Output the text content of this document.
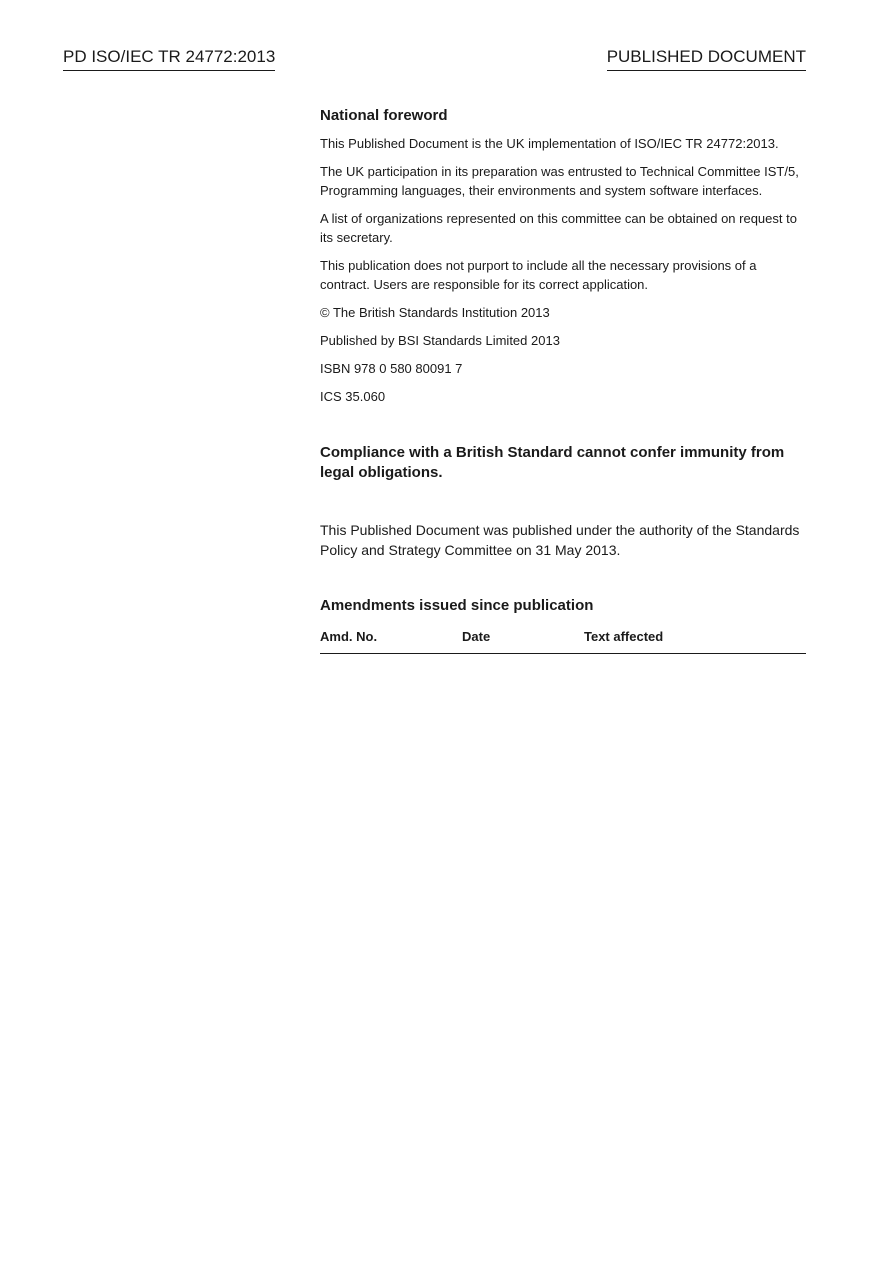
PD ISO/IEC TR 24772:2013	PUBLISHED DOCUMENT
National foreword

This Published Document is the UK implementation of ISO/IEC TR 24772:2013.

The UK participation in its preparation was entrusted to Technical Committee IST/5, Programming languages, their environments and system software interfaces.

A list of organizations represented on this committee can be obtained on request to its secretary.

This publication does not purport to include all the necessary provisions of a contract. Users are responsible for its correct application.

© The British Standards Institution 2013

Published by BSI Standards Limited 2013

ISBN 978 0 580 80091 7

ICS 35.060

Compliance with a British Standard cannot confer immunity from legal obligations.
This Published Document was published under the authority of the Standards Policy and Strategy Committee on 31 May 2013.
Amendments issued since publication
Amd. No.	Date	Text affected
